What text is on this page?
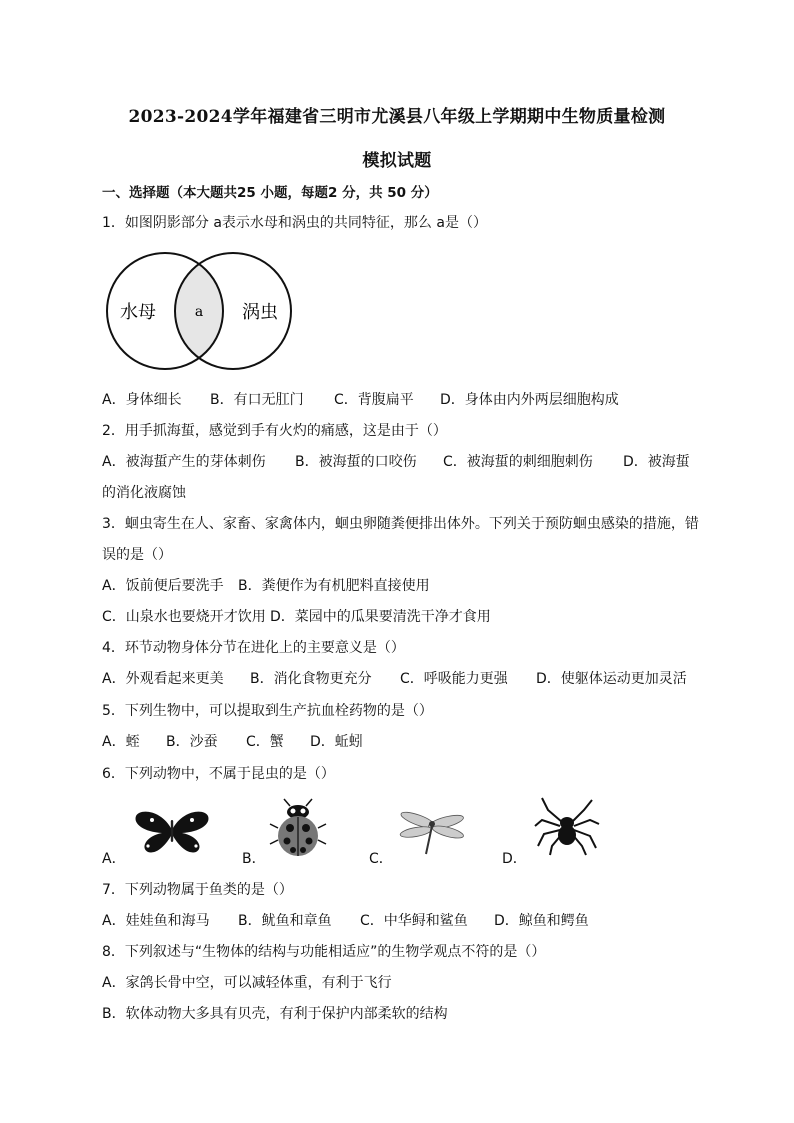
2023-2024学年福建省三明市尤溪县八年级上学期期中生物质量检测
模拟试题
一、选择题（本大题共25 小题，每题2 分，共 50 分）
1．如图阴影部分 a表示水母和涡虫的共同特征，那么 a是（）
水母	a 涡虫
A．身体细长 B．有口无肛门 C．背腹扁平 D．身体由内外两层细胞构成
2．用手抓海蜇，感觉到手有火灼的痛感，这是由于（）
A．被海蜇产生的芽体刺伤 B．被海蜇的口咬伤 C．被海蜇的刺细胞刺伤 D．被海蜇
的消化液腐蚀
3．蛔虫寄生在人、家畜、家禽体内，蛔虫卵随粪便排出体外。下列关于预防蛔虫感染的措施，错
误的是（）
A．饭前便后要洗手 B．粪便作为有机肥料直接使用
C．山泉水也要烧开才饮用 D．菜园中的瓜果要清洗干净才食用
4．环节动物身体分节在进化上的主要意义是（）
A．外观看起来更美 B．消化食物更充分 C．呼吸能力更强 D．使躯体运动更加灵活
5．下列生物中，可以提取到生产抗血栓药物的是（）
A．蛭 B．沙蚕 C．蟹 D．蚯蚓
6．下列动物中，不属于昆虫的是（）
A．	B．	C．	D．
7．下列动物属于鱼类的是（）
A．娃娃鱼和海马 B．鱿鱼和章鱼 C．中华鲟和鲨鱼 D．鲸鱼和鳄鱼
8．下列叙述与“生物体的结构与功能相适应”的生物学观点不符的是（）
A．家鸽长骨中空，可以减轻体重，有利于飞行
B．软体动物大多具有贝壳，有利于保护内部柔软的结构
